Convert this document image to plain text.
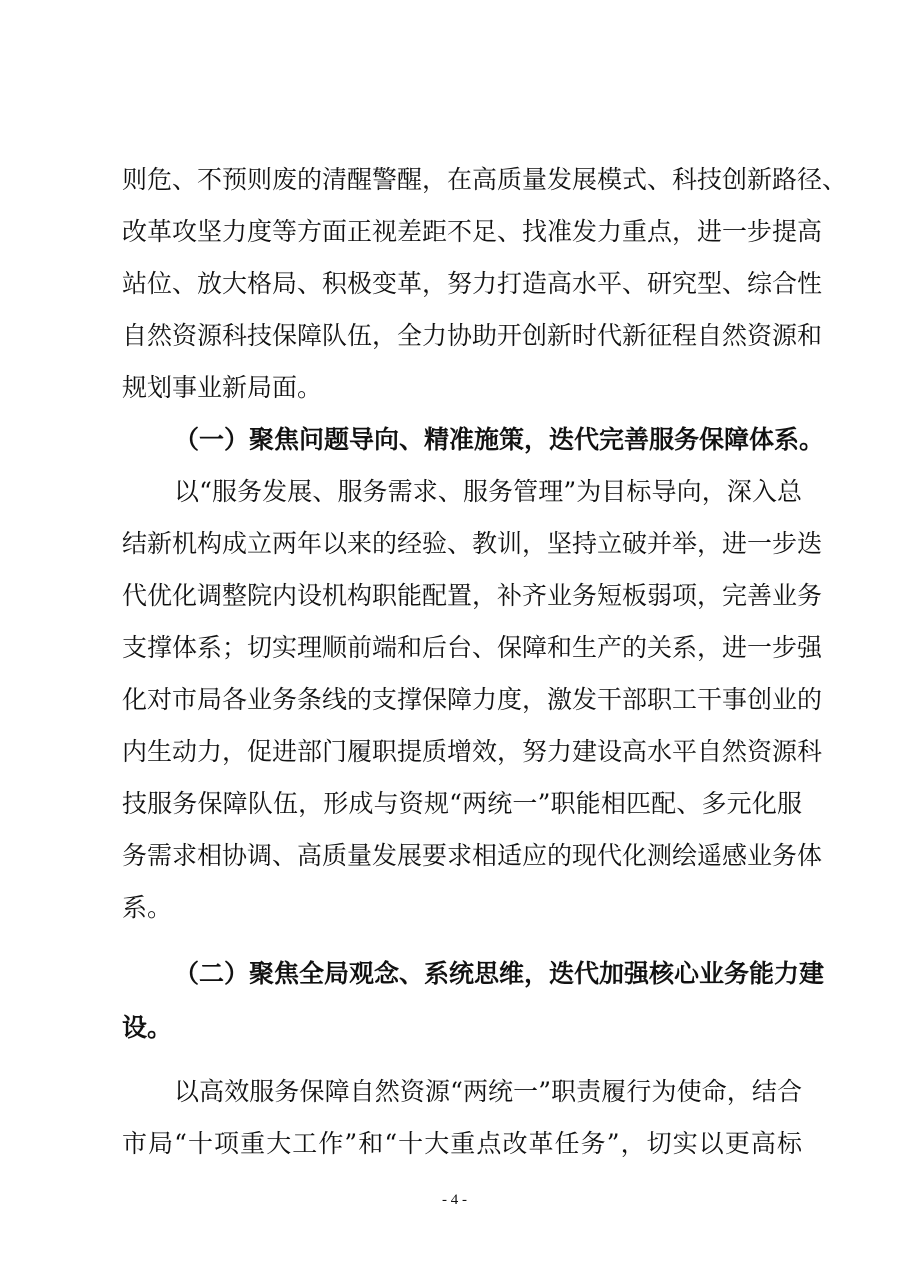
则危、不预则废的清醒警醒，在高质量发展模式、科技创新路径、
改革攻坚力度等方面正视差距不足、找准发力重点，进一步提高
站位、放大格局、积极变革，努力打造高水平、研究型、综合性
自然资源科技保障队伍，全力协助开创新时代新征程自然资源和
规划事业新局面。
（一）聚焦问题导向、精准施策，迭代完善服务保障体系。
以“服务发展、服务需求、服务管理”为目标导向，深入总
结新机构成立两年以来的经验、教训，坚持立破并举，进一步迭
代优化调整院内设机构职能配置，补齐业务短板弱项，完善业务
支撑体系；切实理顺前端和后台、保障和生产的关系，进一步强
化对市局各业务条线的支撑保障力度，激发干部职工干事创业的
内生动力，促进部门履职提质增效，努力建设高水平自然资源科
技服务保障队伍，形成与资规“两统一”职能相匹配、多元化服
务需求相协调、高质量发展要求相适应的现代化测绘遥感业务体
系。
（二）聚焦全局观念、系统思维，迭代加强核心业务能力建
设。
以高效服务保障自然资源“两统一”职责履行为使命，结合
市局“十项重大工作”和“十大重点改革任务”，切实以更高标
- 4 -
